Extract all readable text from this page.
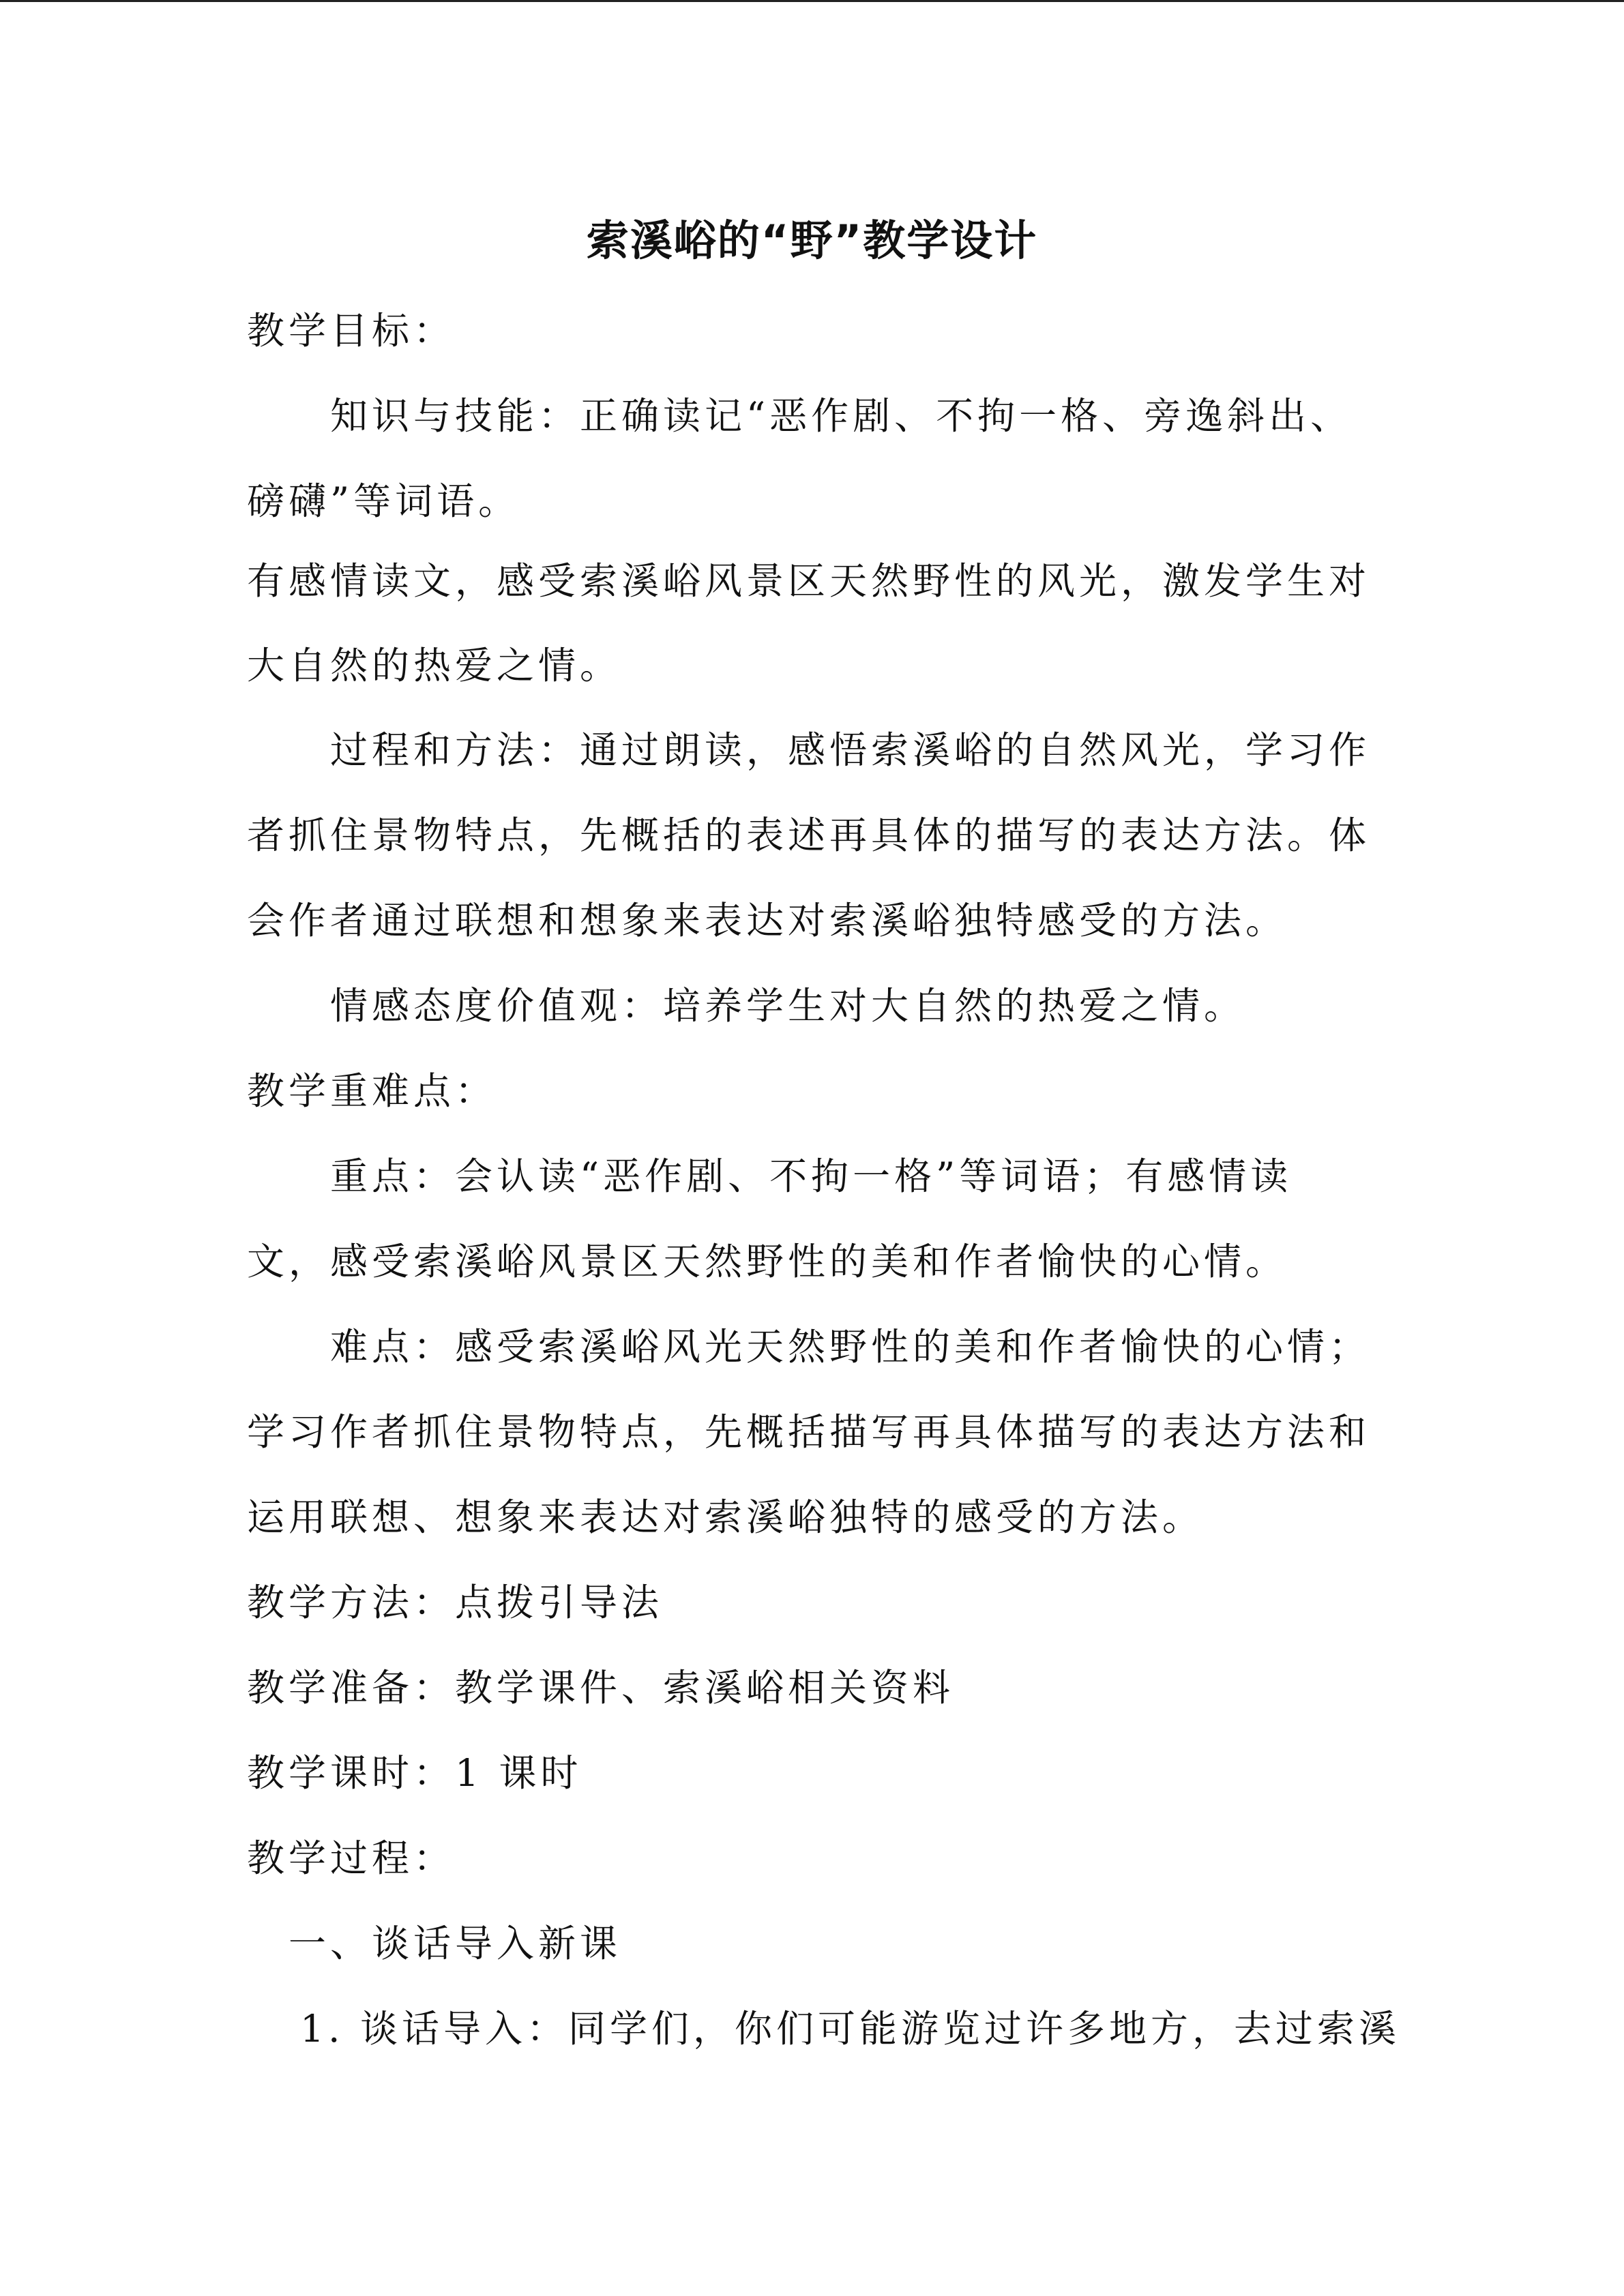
索溪峪的“野”教学设计
教学目标：
知识与技能：正确读记“恶作剧、不拘一格、旁逸斜出、
磅礴”等词语。
有感情读文，感受索溪峪风景区天然野性的风光，激发学生对
大自然的热爱之情。
过程和方法：通过朗读，感悟索溪峪的自然风光，学习作
者抓住景物特点，先概括的表述再具体的描写的表达方法。体
会作者通过联想和想象来表达对索溪峪独特感受的方法。
情感态度价值观：培养学生对大自然的热爱之情。
教学重难点：
重点：会认读“恶作剧、不拘一格”等词语；有感情读
文，感受索溪峪风景区天然野性的美和作者愉快的心情。
难点：感受索溪峪风光天然野性的美和作者愉快的心情；
学习作者抓住景物特点，先概括描写再具体描写的表达方法和
运用联想、想象来表达对索溪峪独特的感受的方法。
教学方法：点拨引导法
教学准备：教学课件、索溪峪相关资料
教学课时：1 课时
教学过程：
一、谈话导入新课
1. 谈话导入：同学们，你们可能游览过许多地方，去过索溪
